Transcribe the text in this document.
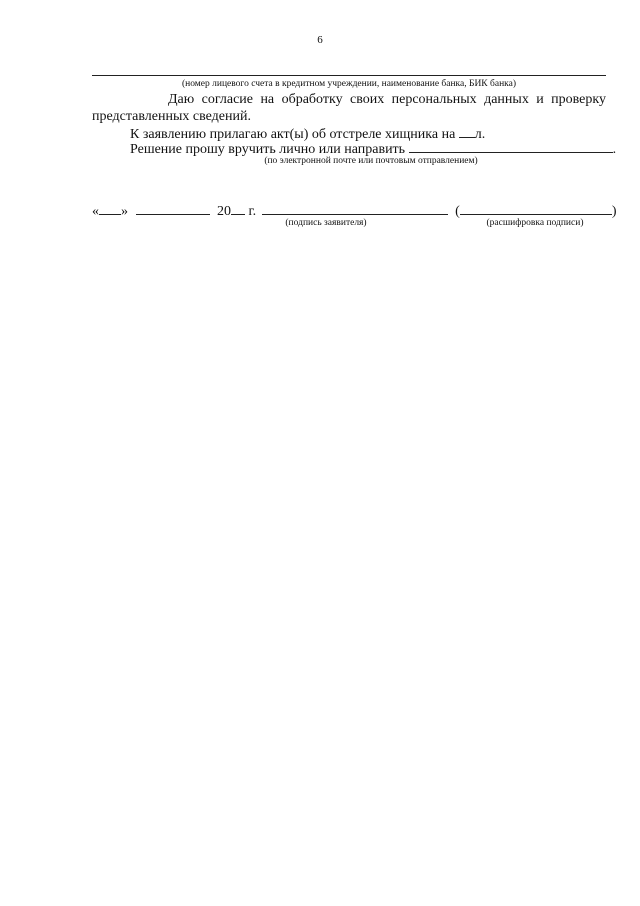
6
(номер лицевого счета в кредитном учреждении, наименование банка, БИК банка)
Даю согласие на обработку своих персональных данных и проверку
представленных сведений.
К заявлению прилагаю акт(ы) об отстреле хищника на л.
Решение прошу вручить лично или направить	.
(по электронной почте или почтовым отправлением)
« »	20 г.	(	)
(подпись заявителя)	(расшифровка подписи)
